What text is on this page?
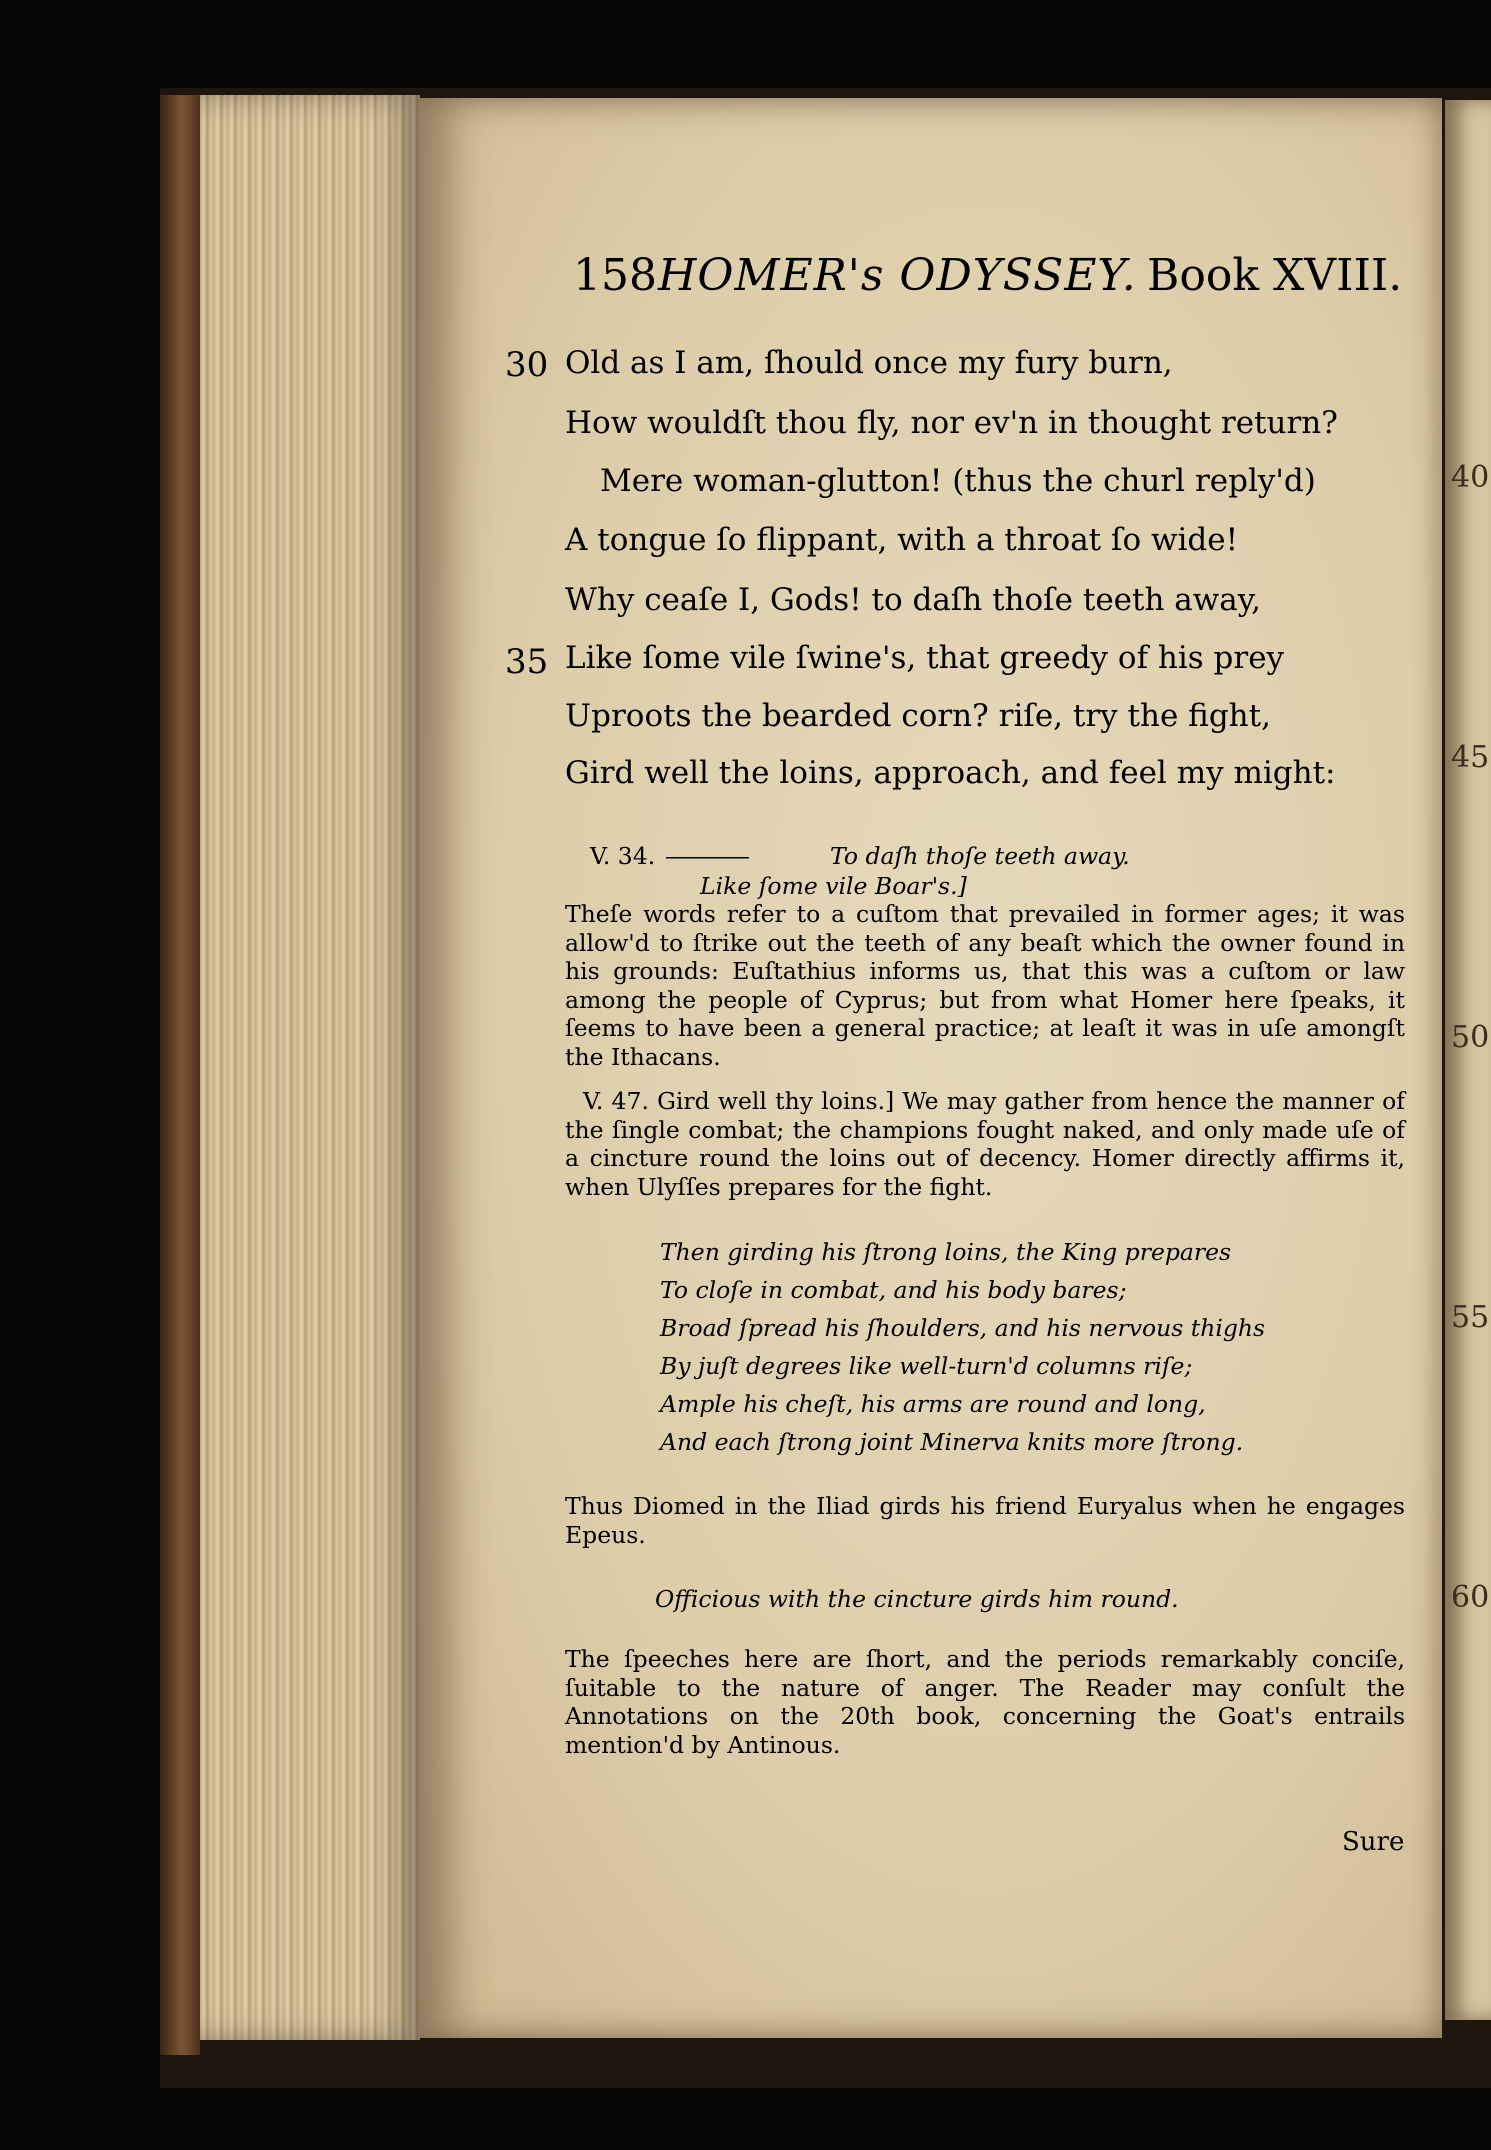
40
45
50
55
60
158 HOMER's ODYSSEY. Book XVIII.
30
35
Old as I am, ſhould once my fury burn,
How wouldſt thou fly, nor ev'n in thought return?
Mere woman-glutton! (thus the churl reply'd)
A tongue ſo flippant, with a throat ſo wide!
Why ceaſe I, Gods! to daſh thoſe teeth away,
Like ſome vile ſwine's, that greedy of his prey
Uproots the bearded corn? riſe, try the fight,
Gird well the loins, approach, and feel my might:
V. 34. ————	To daſh thoſe teeth away.
Like ſome vile Boar's.]

Theſe words refer to a cuſtom that prevailed in former ages; it was allow'd to ſtrike out the teeth of any beaſt which the owner found in his grounds: Euſtathius informs us, that this was a cuſtom or law among the people of Cyprus; but from what Homer here ſpeaks, it ſeems to have been a general practice; at leaſt it was in uſe amongſt the Ithacans.

V. 47. Gird well thy loins.] We may gather from hence the manner of the ſingle combat; the champions fought naked, and only made uſe of a cincture round the loins out of decency. Homer directly affirms it, when Ulyſſes prepares for the fight.

Then girding his ſtrong loins, the King prepares
To cloſe in combat, and his body bares;
Broad ſpread his ſhoulders, and his nervous thighs
By juſt degrees like well-turn'd columns riſe;
Ample his cheſt, his arms are round and long,
And each ſtrong joint Minerva knits more ſtrong.

Thus Diomed in the Iliad girds his friend Euryalus when he engages Epeus.

Officious with the cincture girds him round.

The ſpeeches here are ſhort, and the periods remarkably conciſe, ſuitable to the nature of anger. The Reader may conſult the Annotations on the 20th book, concerning the Goat's entrails mention'd by Antinous.

Sure
